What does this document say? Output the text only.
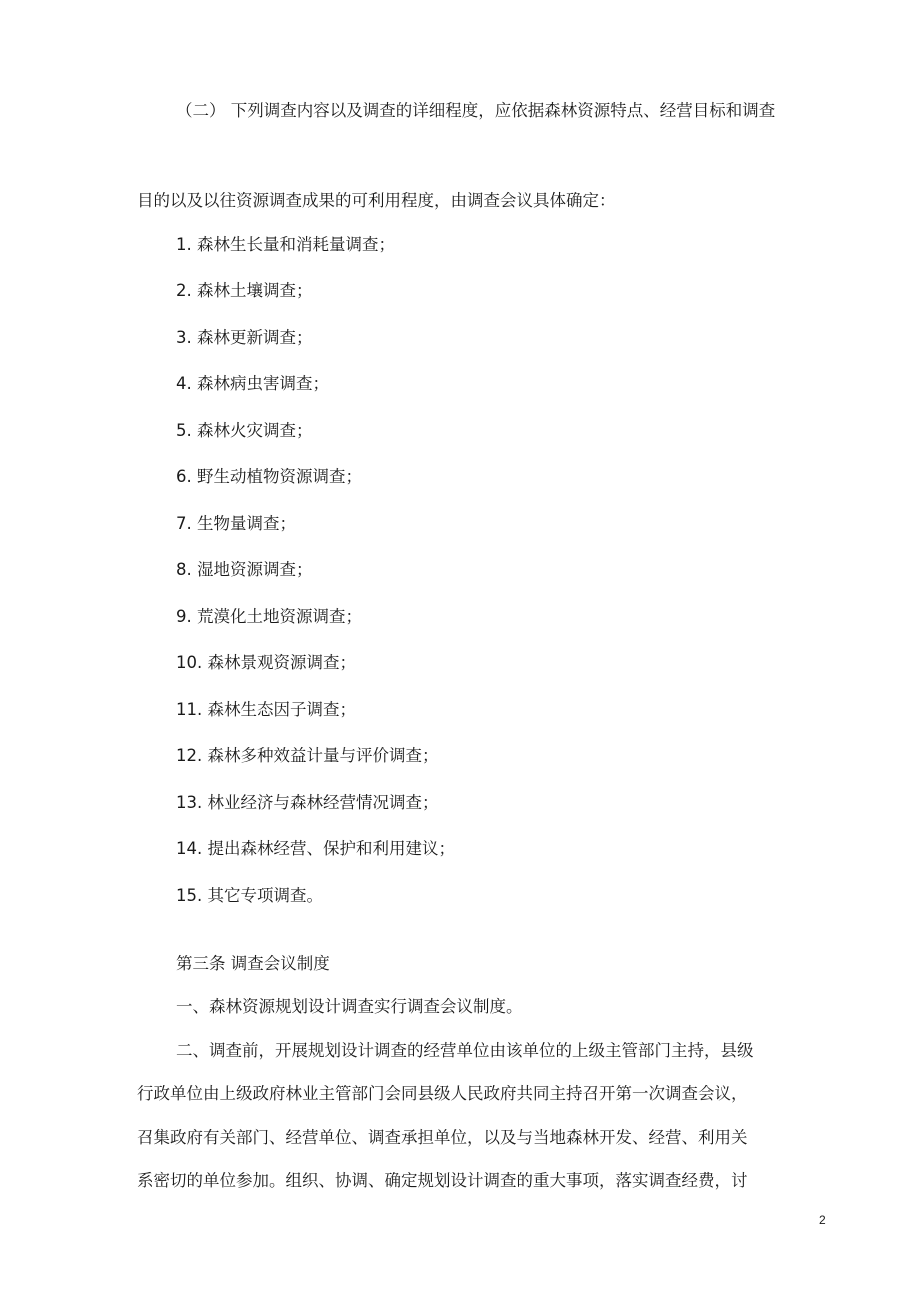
（二） 下列调查内容以及调查的详细程度，应依据森林资源特点、经营目标和调查
目的以及以往资源调查成果的可利用程度，由调查会议具体确定：
1. 森林生长量和消耗量调查；
2. 森林土壤调查；
3. 森林更新调查；
4. 森林病虫害调查；
5. 森林火灾调查；
6. 野生动植物资源调查；
7. 生物量调查；
8. 湿地资源调查；
9. 荒漠化土地资源调查；
10. 森林景观资源调查；
11. 森林生态因子调查；
12. 森林多种效益计量与评价调查；
13. 林业经济与森林经营情况调查；
14. 提出森林经营、保护和利用建议；
15. 其它专项调查。
第三条 调查会议制度
一、森林资源规划设计调查实行调查会议制度。
二、调查前，开展规划设计调查的经营单位由该单位的上级主管部门主持，县级
行政单位由上级政府林业主管部门会同县级人民政府共同主持召开第一次调查会议，
召集政府有关部门、经营单位、调查承担单位，以及与当地森林开发、经营、利用关
系密切的单位参加。组织、协调、确定规划设计调查的重大事项，落实调查经费，讨
2
